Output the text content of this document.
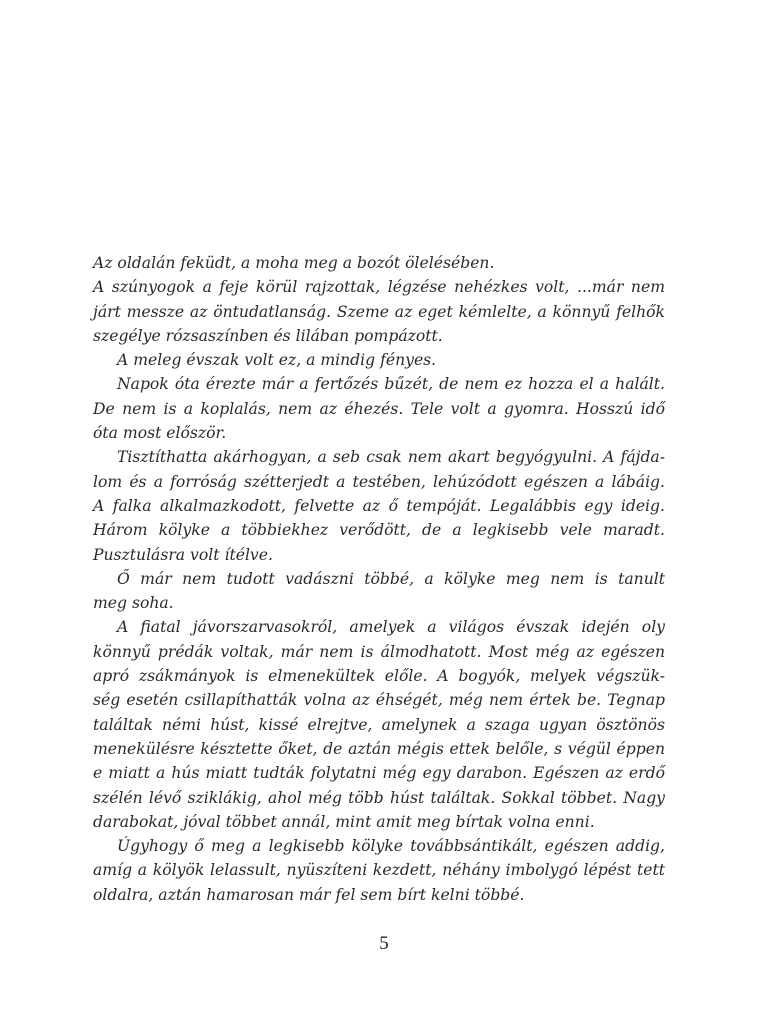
Az oldalán feküdt, a moha meg a bozót ölelésében.
A szúnyogok a feje körül rajzottak, légzése nehézkes volt, ...már nem
járt messze az öntudatlanság. Szeme az eget kémlelte, a könnyű felhők
szegélye rózsaszínben és lilában pompázott.
A meleg évszak volt ez, a mindig fényes.
Napok óta érezte már a fertőzés bűzét, de nem ez hozza el a halált.
De nem is a koplalás, nem az éhezés. Tele volt a gyomra. Hosszú idő
óta most először.
Tisztíthatta akárhogyan, a seb csak nem akart begyógyulni. A fájda-
lom és a forróság szétterjedt a testében, lehúzódott egészen a lábáig.
A falka alkalmazkodott, felvette az ő tempóját. Legalábbis egy ideig.
Három kölyke a többiekhez verődött, de a legkisebb vele maradt.
Pusztulásra volt ítélve.
Ő már nem tudott vadászni többé, a kölyke meg nem is tanult
meg soha.
A fiatal jávorszarvasokról, amelyek a világos évszak idején oly
könnyű prédák voltak, már nem is álmodhatott. Most még az egészen
apró zsákmányok is elmenekültek előle. A bogyók, melyek végszük-
ség esetén csillapíthatták volna az éhségét, még nem értek be. Tegnap
találtak némi húst, kissé elrejtve, amelynek a szaga ugyan ösztönös
menekülésre késztette őket, de aztán mégis ettek belőle, s végül éppen
e miatt a hús miatt tudták folytatni még egy darabon. Egészen az erdő
szélén lévő sziklákig, ahol még több húst találtak. Sokkal többet. Nagy
darabokat, jóval többet annál, mint amit meg bírtak volna enni.
Úgyhogy ő meg a legkisebb kölyke továbbsántikált, egészen addig,
amíg a kölyök lelassult, nyüszíteni kezdett, néhány imbolygó lépést tett
oldalra, aztán hamarosan már fel sem bírt kelni többé.
5
